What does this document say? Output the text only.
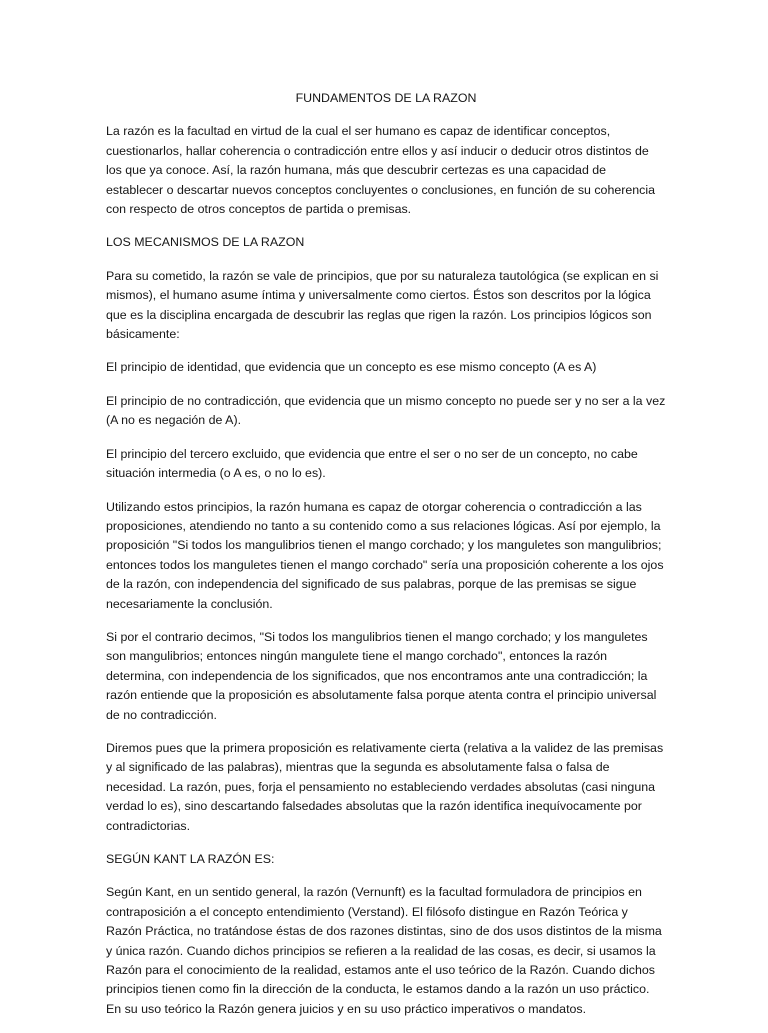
FUNDAMENTOS DE LA RAZON

La razón es la facultad en virtud de la cual el ser humano es capaz de identificar conceptos, cuestionarlos, hallar coherencia o contradicción entre ellos y así inducir o deducir otros distintos de los que ya conoce. Así, la razón humana, más que descubrir certezas es una capacidad de establecer o descartar nuevos conceptos concluyentes o conclusiones, en función de su coherencia con respecto de otros conceptos de partida o premisas.

LOS MECANISMOS DE LA RAZON

Para su cometido, la razón se vale de principios, que por su naturaleza tautológica (se explican en si mismos), el humano asume íntima y universalmente como ciertos. Éstos son descritos por la lógica que es la disciplina encargada de descubrir las reglas que rigen la razón. Los principios lógicos son básicamente:

El principio de identidad, que evidencia que un concepto es ese mismo concepto (A es A)

El principio de no contradicción, que evidencia que un mismo concepto no puede ser y no ser a la vez (A no es negación de A).

El principio del tercero excluido, que evidencia que entre el ser o no ser de un concepto, no cabe situación intermedia (o A es, o no lo es).

Utilizando estos principios, la razón humana es capaz de otorgar coherencia o contradicción a las proposiciones, atendiendo no tanto a su contenido como a sus relaciones lógicas. Así por ejemplo, la proposición "Si todos los mangulibrios tienen el mango corchado; y los manguletes son mangulibrios; entonces todos los manguletes tienen el mango corchado" sería una proposición coherente a los ojos de la razón, con independencia del significado de sus palabras, porque de las premisas se sigue necesariamente la conclusión.

Si por el contrario decimos, "Si todos los mangulibrios tienen el mango corchado; y los manguletes son mangulibrios; entonces ningún mangulete tiene el mango corchado", entonces la razón determina, con independencia de los significados, que nos encontramos ante una contradicción; la razón entiende que la proposición es absolutamente falsa porque atenta contra el principio universal de no contradicción.

Diremos pues que la primera proposición es relativamente cierta (relativa a la validez de las premisas y al significado de las palabras), mientras que la segunda es absolutamente falsa o falsa de necesidad. La razón, pues, forja el pensamiento no estableciendo verdades absolutas (casi ninguna verdad lo es), sino descartando falsedades absolutas que la razón identifica inequívocamente por contradictorias.

SEGÚN KANT LA RAZÓN ES:

Según Kant, en un sentido general, la razón (Vernunft) es la facultad formuladora de principios en contraposición a el concepto entendimiento (Verstand). El filósofo distingue en Razón Teórica y Razón Práctica, no tratándose éstas de dos razones distintas, sino de dos usos distintos de la misma y única razón. Cuando dichos principios se refieren a la realidad de las cosas, es decir, si usamos la Razón para el conocimiento de la realidad, estamos ante el uso teórico de la Razón. Cuando dichos principios tienen como fin la dirección de la conducta, le estamos dando a la razón un uso práctico. En su uso teórico la Razón genera juicios y en su uso práctico imperativos o mandatos.
